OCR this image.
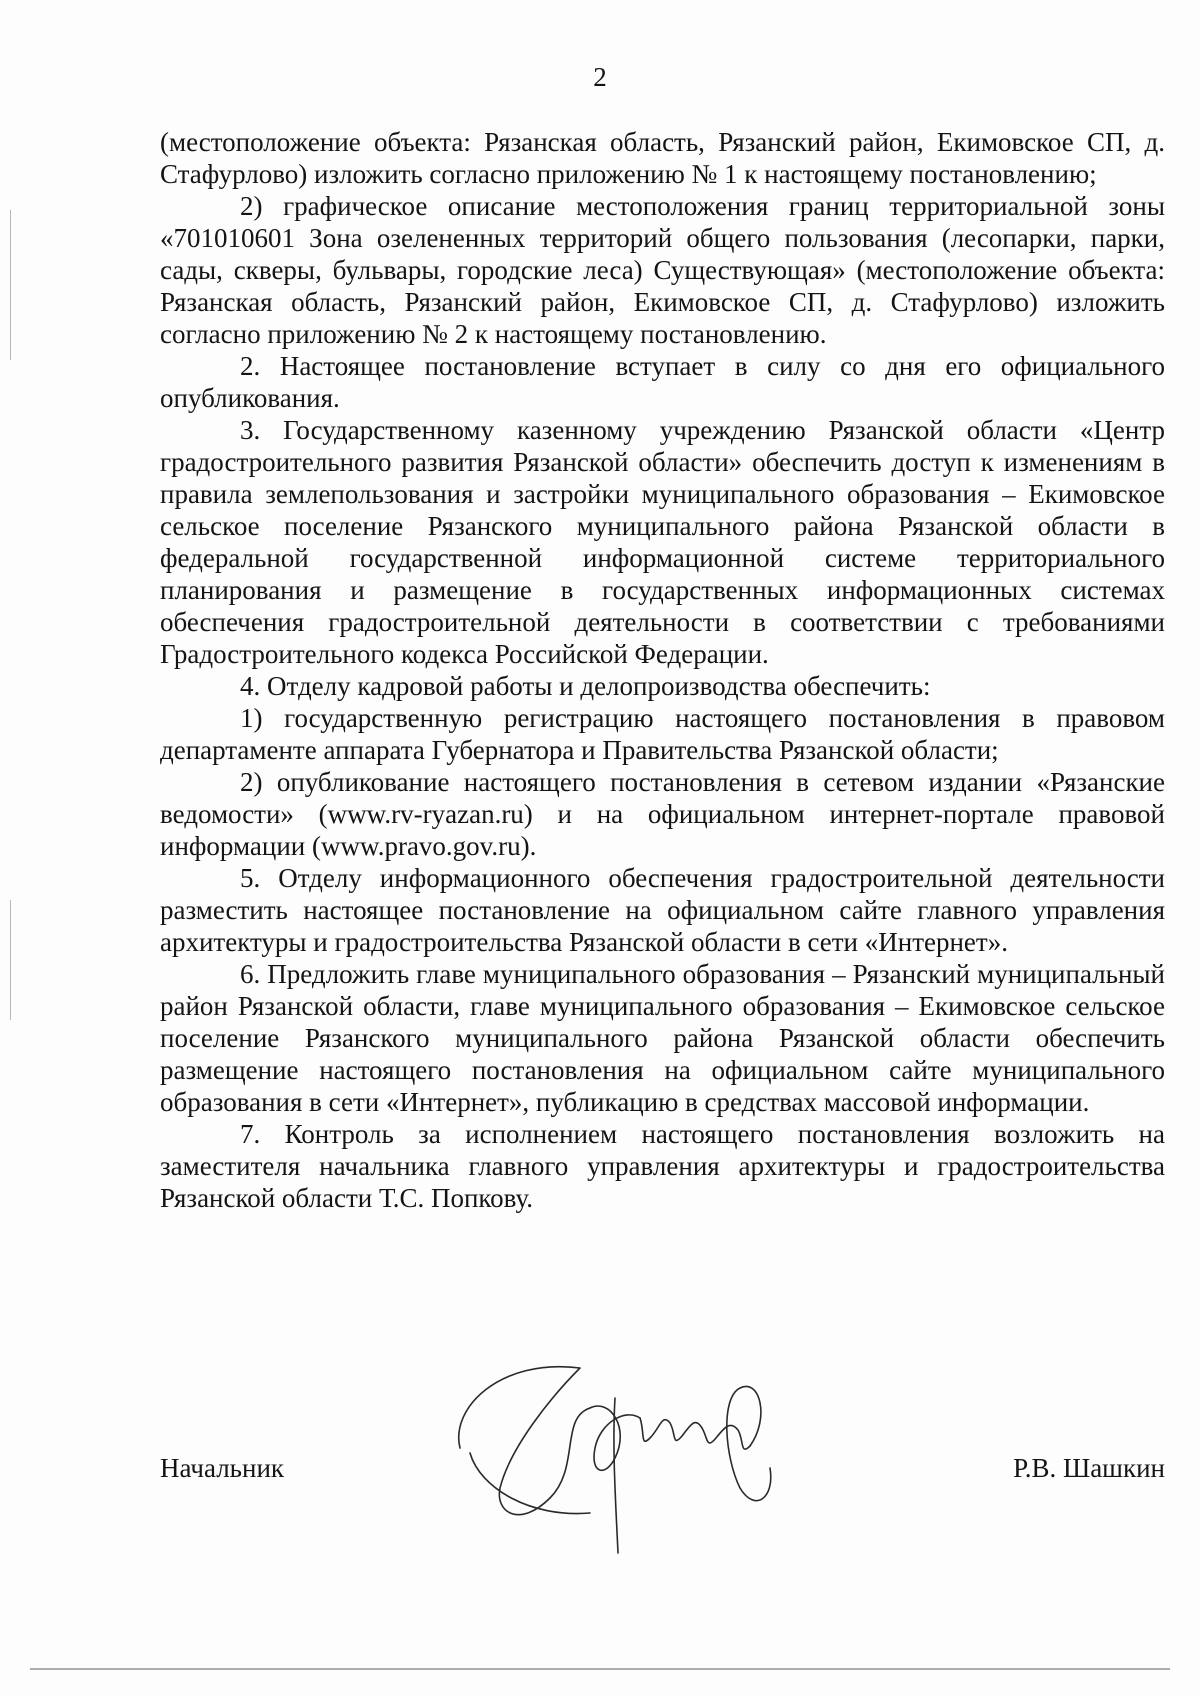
2

(местоположение объекта: Рязанская область, Рязанский район, Екимовское СП, д. Стафурлово) изложить согласно приложению № 1 к настоящему постановлению;

2) графическое описание местоположения границ территориальной зоны «701010601 Зона озелененных территорий общего пользования (лесопарки, парки, сады, скверы, бульвары, городские леса) Существующая» (местоположение объекта: Рязанская область, Рязанский район, Екимовское СП, д. Стафурлово) изложить согласно приложению № 2 к настоящему постановлению.

2. Настоящее постановление вступает в силу со дня его официального опубликования.

3. Государственному казенному учреждению Рязанской области «Центр градостроительного развития Рязанской области» обеспечить доступ к изменениям в правила землепользования и застройки муниципального образования – Екимовское сельское поселение Рязанского муниципального района Рязанской области в федеральной государственной информационной системе территориального планирования и размещение в государственных информационных системах обеспечения градостроительной деятельности в соответствии с требованиями Градостроительного кодекса Российской Федерации.

4. Отделу кадровой работы и делопроизводства обеспечить:

1) государственную регистрацию настоящего постановления в правовом департаменте аппарата Губернатора и Правительства Рязанской области;

2) опубликование настоящего постановления в сетевом издании «Рязанские ведомости» (www.rv-ryazan.ru) и на официальном интернет-портале правовой информации (www.pravo.gov.ru).

5. Отделу информационного обеспечения градостроительной деятельности разместить настоящее постановление на официальном сайте главного управления архитектуры и градостроительства Рязанской области в сети «Интернет».

6. Предложить главе муниципального образования – Рязанский муниципальный район Рязанской области, главе муниципального образования – Екимовское сельское поселение Рязанского муниципального района Рязанской области обеспечить размещение настоящего постановления на официальном сайте муниципального образования в сети «Интернет», публикацию в средствах массовой информации.

7. Контроль за исполнением настоящего постановления возложить на заместителя начальника главного управления архитектуры и градостроительства Рязанской области Т.С. Попкову.

Начальник	Р.В. Шашкин
